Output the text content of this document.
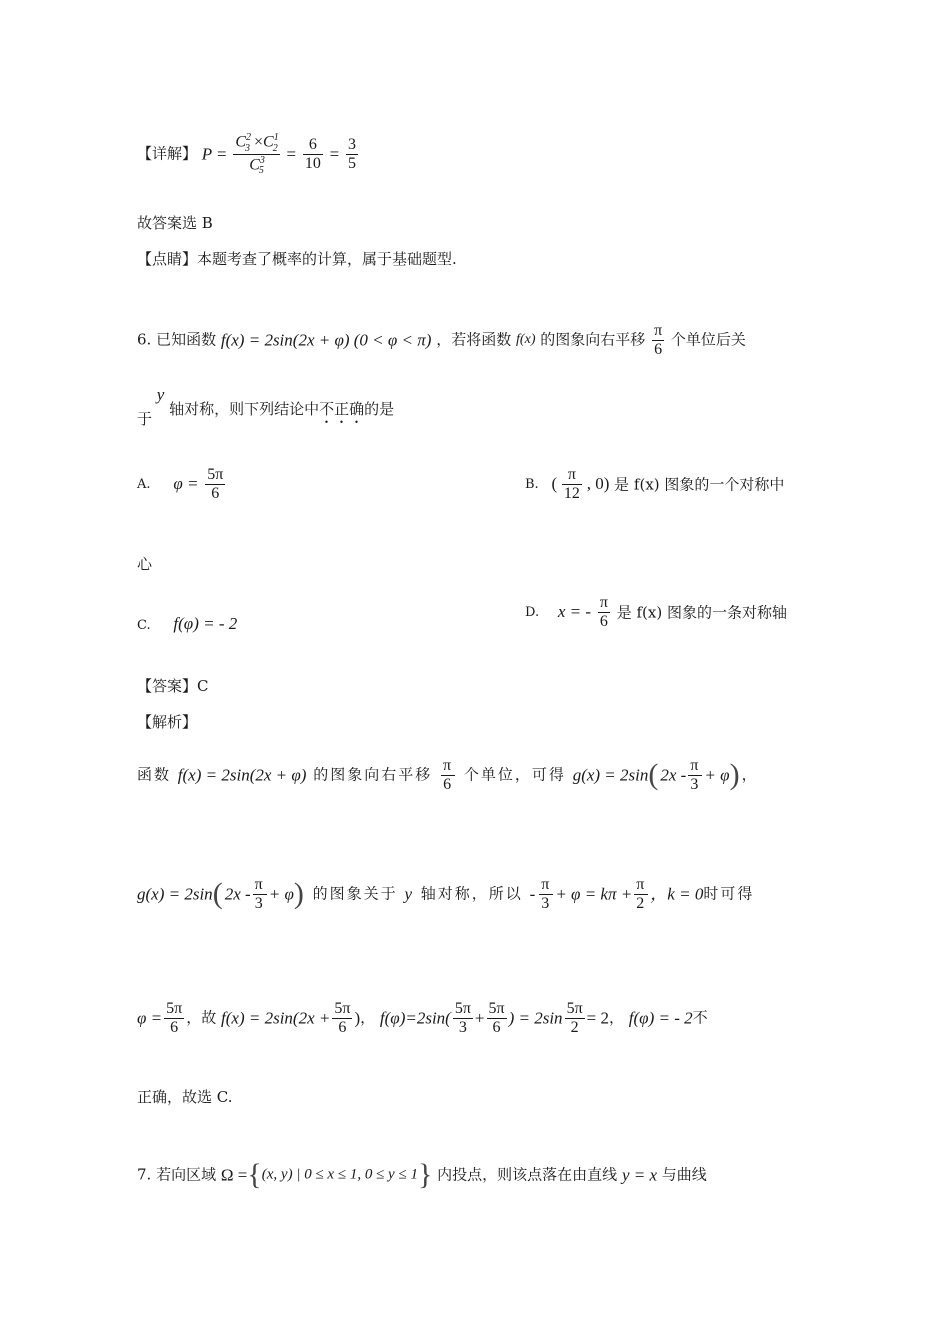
【详解】 $P = \frac{C^2_3 \times C^1_2}{C^3_5} = \frac{6}{10} = \frac{3}{5}$
故答案选 B
【点睛】本题考查了概率的计算，属于基础题型.
6. 已知函数 f(x) = 2sin(2x + φ) (0 < φ < π) ，若将函数 f(x) 的图象向右平移 $\frac{\pi}{6}$ 个单位后关
于 y 轴对称，则下列结论中不正确的是
A. $\varphi = \frac{5\pi}{6}$	B. ( $\frac{\pi}{12}$ , 0) 是 f(x) 图象的一个对称中
心
C. f(φ) = - 2
D. x = - $\frac{\pi}{6}$ 是 f(x) 图象的一条对称轴
【答案】C
【解析】
函数 f(x) = 2sin(2x + φ) 的图象向右平移 $\frac{\pi}{6}$ 个单位，可得 $g(x) = 2\sin(2x - \frac{\pi}{3} + \varphi)$，
$g(x) = 2\sin(2x - \frac{\pi}{3} + \varphi)$ 的图象关于 y 轴对称，所以 - $\frac{\pi}{3} + \varphi = k\pi + \frac{\pi}{2}$ ，k = 0时可得
$\varphi = \frac{5\pi}{6}$ ，故 $f(x) = 2\sin(2x + \frac{5\pi}{6}$ )， $f(\varphi)=2\sin( \frac{5\pi}{3} + \frac{5\pi}{6}$ ) = $2\sin \frac{5\pi}{2} = 2$， f(φ) = - 2不
正确，故选 C.
7. 若向区域 Ω ={(x, y) | 0 ≤ x ≤ 1, 0 ≤ y ≤ 1} 内投点，则该点落在由直线 y = x 与曲线
